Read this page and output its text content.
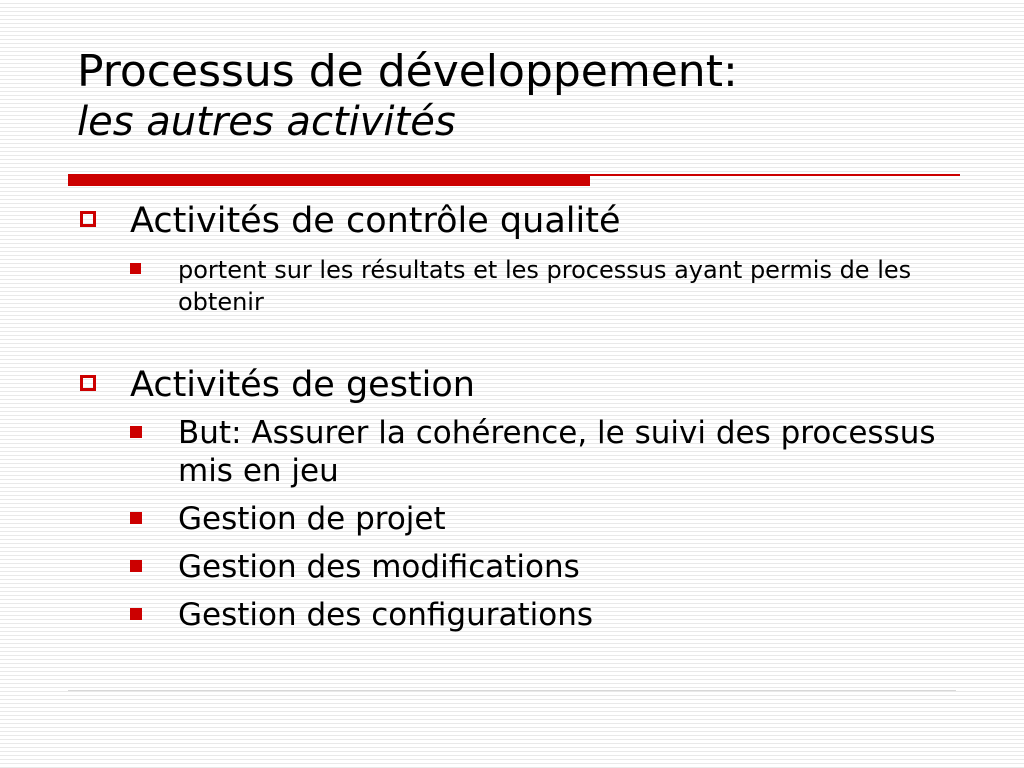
Processus de développement:
les autres activités

Activités de contrôle qualité

portent sur les résultats et les processus ayant permis de les obtenir

Activités de gestion

But: Assurer la cohérence, le suivi des processus mis en jeu

Gestion de projet

Gestion des modifications

Gestion des configurations
